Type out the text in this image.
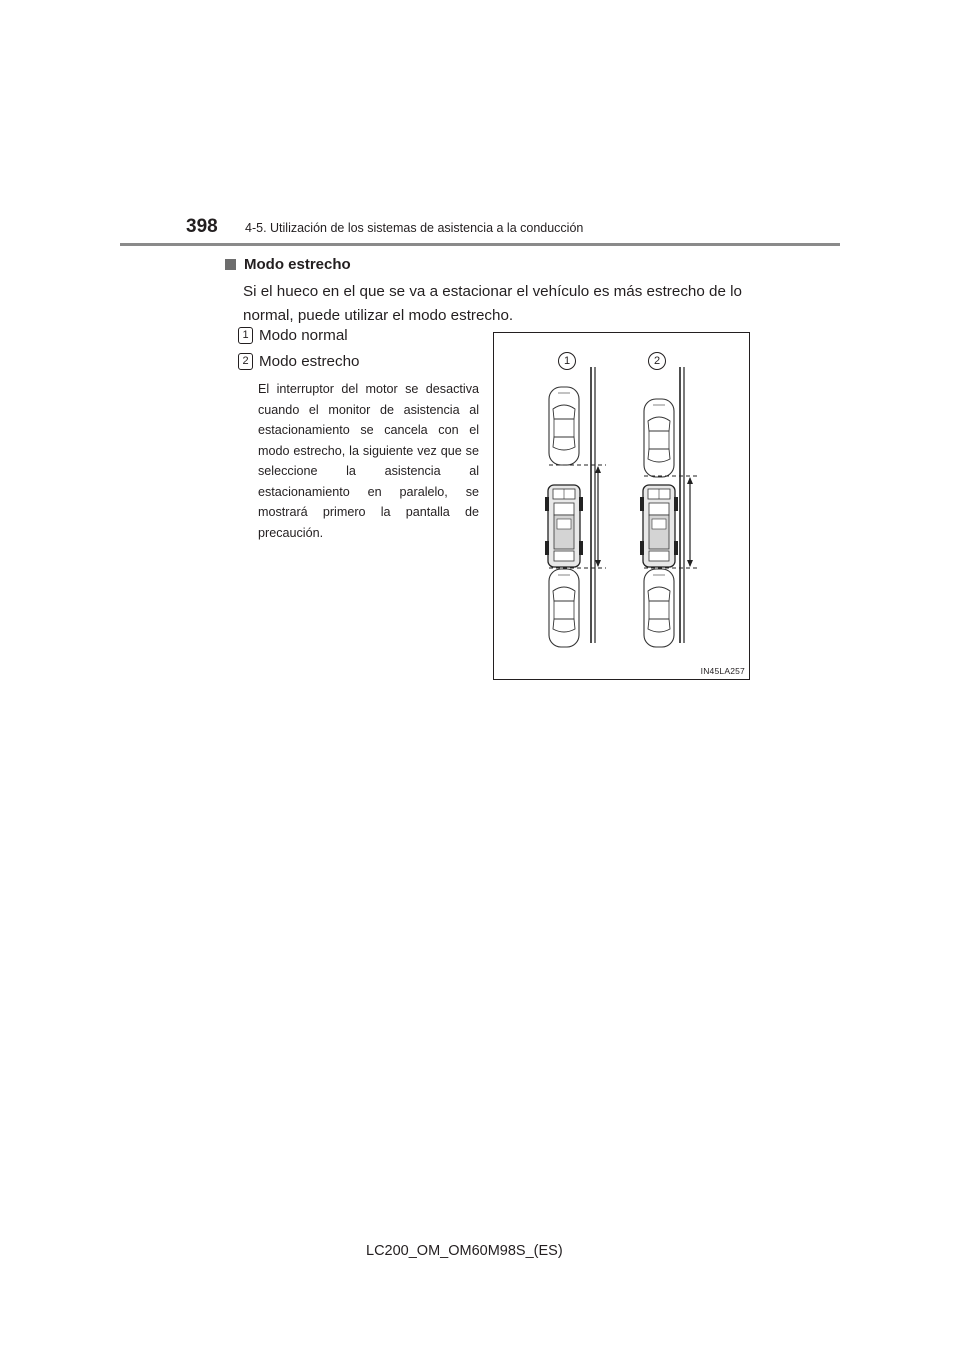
398 4-5. Utilización de los sistemas de asistencia a la conducción
Modo estrecho
Si el hueco en el que se va a estacionar el vehículo es más estrecho de lo normal, puede utilizar el modo estrecho.
1 Modo normal
2 Modo estrecho
El interruptor del motor se desactiva cuando el monitor de asistencia al estacionamiento se cancela con el modo estrecho, la siguiente vez que se seleccione la asistencia al estacionamiento en paralelo, se mostrará primero la pantalla de precaución.
1	2
IN45LA257
LC200_OM_OM60M98S_(ES)
